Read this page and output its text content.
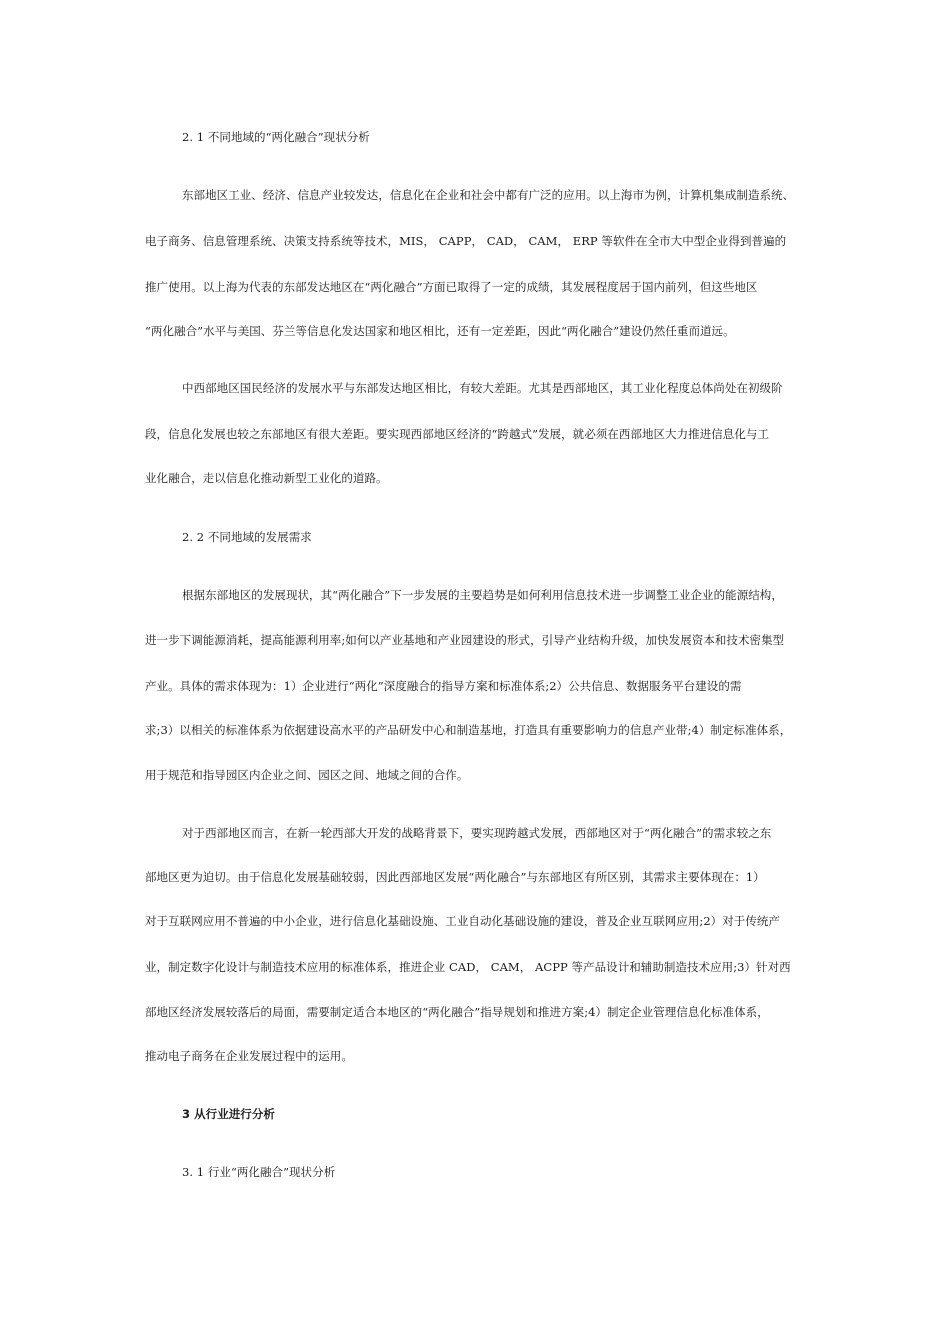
2. 1 不同地域的“两化融合”现状分析
东部地区工业、经济、信息产业较发达，信息化在企业和社会中都有广泛的应用。以上海市为例，计算机集成制造系统、
电子商务、信息管理系统、决策支持系统等技术，MIS， CAPP， CAD， CAM， ERP 等软件在全市大中型企业得到普遍的
推广使用。以上海为代表的东部发达地区在“两化融合”方面已取得了一定的成绩，其发展程度居于国内前列，但这些地区
“两化融合”水平与美国、芬兰等信息化发达国家和地区相比，还有一定差距，因此“两化融合”建设仍然任重而道远。
中西部地区国民经济的发展水平与东部发达地区相比，有较大差距。尤其是西部地区，其工业化程度总体尚处在初级阶
段，信息化发展也较之东部地区有很大差距。要实现西部地区经济的“跨越式”发展，就必须在西部地区大力推进信息化与工
业化融合，走以信息化推动新型工业化的道路。
2. 2 不同地域的发展需求
根据东部地区的发展现状，其“两化融合”下一步发展的主要趋势是如何利用信息技术进一步调整工业企业的能源结构，
进一步下调能源消耗，提高能源利用率;如何以产业基地和产业园建设的形式，引导产业结构升级，加快发展资本和技术密集型
产业。具体的需求体现为：1）企业进行“两化”深度融合的指导方案和标准体系;2）公共信息、数据服务平台建设的需
求;3）以相关的标准体系为依据建设高水平的产品研发中心和制造基地，打造具有重要影响力的信息产业带;4）制定标准体系，
用于规范和指导园区内企业之间、园区之间、地域之间的合作。
对于西部地区而言，在新一轮西部大开发的战略背景下，要实现跨越式发展，西部地区对于“两化融合”的需求较之东
部地区更为迫切。由于信息化发展基础较弱，因此西部地区发展“两化融合”与东部地区有所区别，其需求主要体现在：1）
对于互联网应用不普遍的中小企业，进行信息化基础设施、工业自动化基础设施的建设，普及企业互联网应用;2）对于传统产
业，制定数字化设计与制造技术应用的标准体系，推进企业 CAD， CAM， ACPP 等产品设计和辅助制造技术应用;3）针对西
部地区经济发展较落后的局面，需要制定适合本地区的“两化融合”指导规划和推进方案;4）制定企业管理信息化标准体系，
推动电子商务在企业发展过程中的运用。
3 从行业进行分析
3. 1 行业“两化融合”现状分析
